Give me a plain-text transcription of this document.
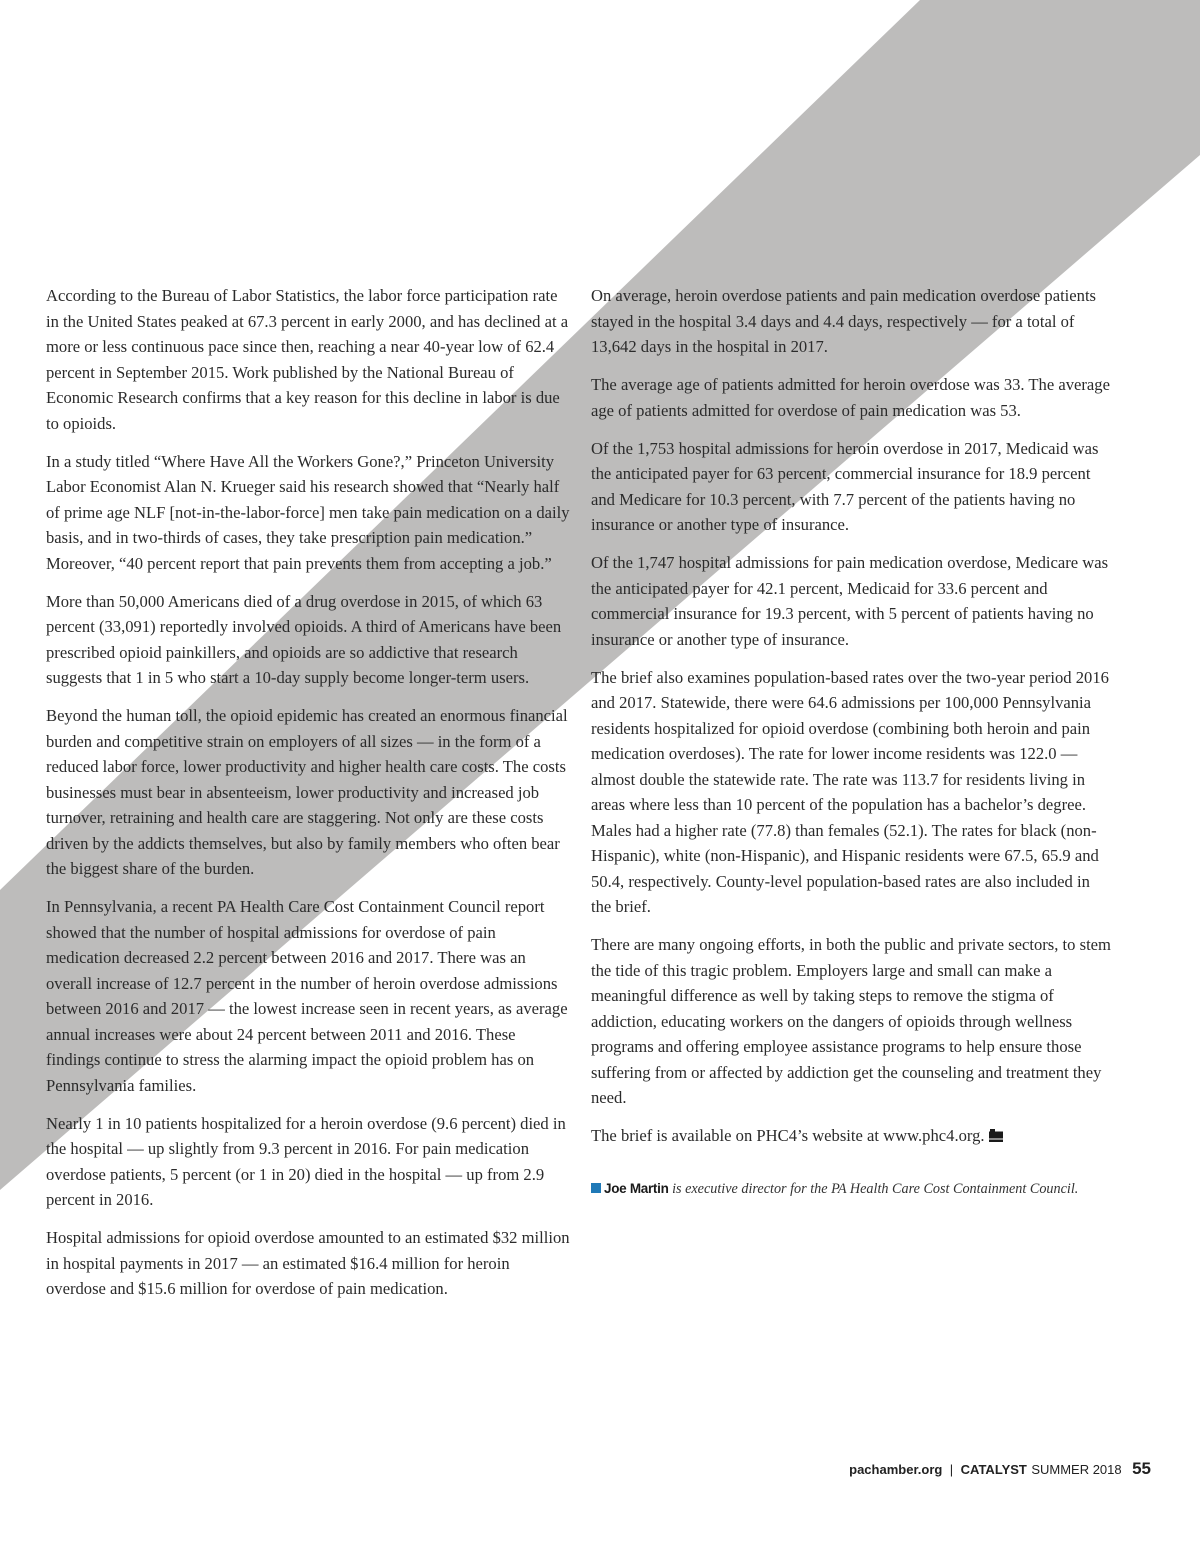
According to the Bureau of Labor Statistics, the labor force participation rate in the United States peaked at 67.3 percent in early 2000, and has declined at a more or less continuous pace since then, reaching a near 40-year low of 62.4 percent in September 2015. Work published by the National Bureau of Economic Research confirms that a key reason for this decline in labor is due to opioids.

In a study titled “Where Have All the Workers Gone?,” Princeton University Labor Economist Alan N. Krueger said his research showed that “Nearly half of prime age NLF [not-in-the-labor-force] men take pain medication on a daily basis, and in two-thirds of cases, they take prescription pain medication.” Moreover, “40 percent report that pain prevents them from accepting a job.”

More than 50,000 Americans died of a drug overdose in 2015, of which 63 percent (33,091) reportedly involved opioids. A third of Americans have been prescribed opioid painkillers, and opioids are so addictive that research suggests that 1 in 5 who start a 10-day supply become longer-term users.

Beyond the human toll, the opioid epidemic has created an enormous financial burden and competitive strain on employers of all sizes — in the form of a reduced labor force, lower productivity and higher health care costs. The costs businesses must bear in absenteeism, lower productivity and increased job turnover, retraining and health care are staggering. Not only are these costs driven by the addicts themselves, but also by family members who often bear the biggest share of the burden.

In Pennsylvania, a recent PA Health Care Cost Containment Council report showed that the number of hospital admissions for overdose of pain medication decreased 2.2 percent between 2016 and 2017. There was an overall increase of 12.7 percent in the number of heroin overdose admissions between 2016 and 2017 — the lowest increase seen in recent years, as average annual increases were about 24 percent between 2011 and 2016. These findings continue to stress the alarming impact the opioid problem has on Pennsylvania families.

Nearly 1 in 10 patients hospitalized for a heroin overdose (9.6 percent) died in the hospital — up slightly from 9.3 percent in 2016. For pain medication overdose patients, 5 percent (or 1 in 20) died in the hospital — up from 2.9 percent in 2016.

Hospital admissions for opioid overdose amounted to an estimated $32 million in hospital payments in 2017 — an estimated $16.4 million for heroin overdose and $15.6 million for overdose of pain medication.

On average, heroin overdose patients and pain medication overdose patients stayed in the hospital 3.4 days and 4.4 days, respectively — for a total of 13,642 days in the hospital in 2017.

The average age of patients admitted for heroin overdose was 33. The average age of patients admitted for overdose of pain medication was 53.

Of the 1,753 hospital admissions for heroin overdose in 2017, Medicaid was the anticipated payer for 63 percent, commercial insurance for 18.9 percent and Medicare for 10.3 percent, with 7.7 percent of the patients having no insurance or another type of insurance.

Of the 1,747 hospital admissions for pain medication overdose, Medicare was the anticipated payer for 42.1 percent, Medicaid for 33.6 percent and commercial insurance for 19.3 percent, with 5 percent of patients having no insurance or another type of insurance.

The brief also examines population-based rates over the two-year period 2016 and 2017. Statewide, there were 64.6 admissions per 100,000 Pennsylvania residents hospitalized for opioid overdose (combining both heroin and pain medication overdoses). The rate for lower income residents was 122.0 — almost double the statewide rate. The rate was 113.7 for residents living in areas where less than 10 percent of the population has a bachelor’s degree. Males had a higher rate (77.8) than females (52.1). The rates for black (non-Hispanic), white (non-Hispanic), and Hispanic residents were 67.5, 65.9 and 50.4, respectively. County-level population-based rates are also included in the brief.

There are many ongoing efforts, in both the public and private sectors, to stem the tide of this tragic problem. Employers large and small can make a meaningful difference as well by taking steps to remove the stigma of addiction, educating workers on the dangers of opioids through wellness programs and offering employee assistance programs to help ensure those suffering from or affected by addiction get the counseling and treatment they need.

The brief is available on PHC4’s website at www.phc4.org.

Joe Martin is executive director for the PA Health Care Cost Containment Council.
pachamber.org | CATALYST SUMMER 2018 55
